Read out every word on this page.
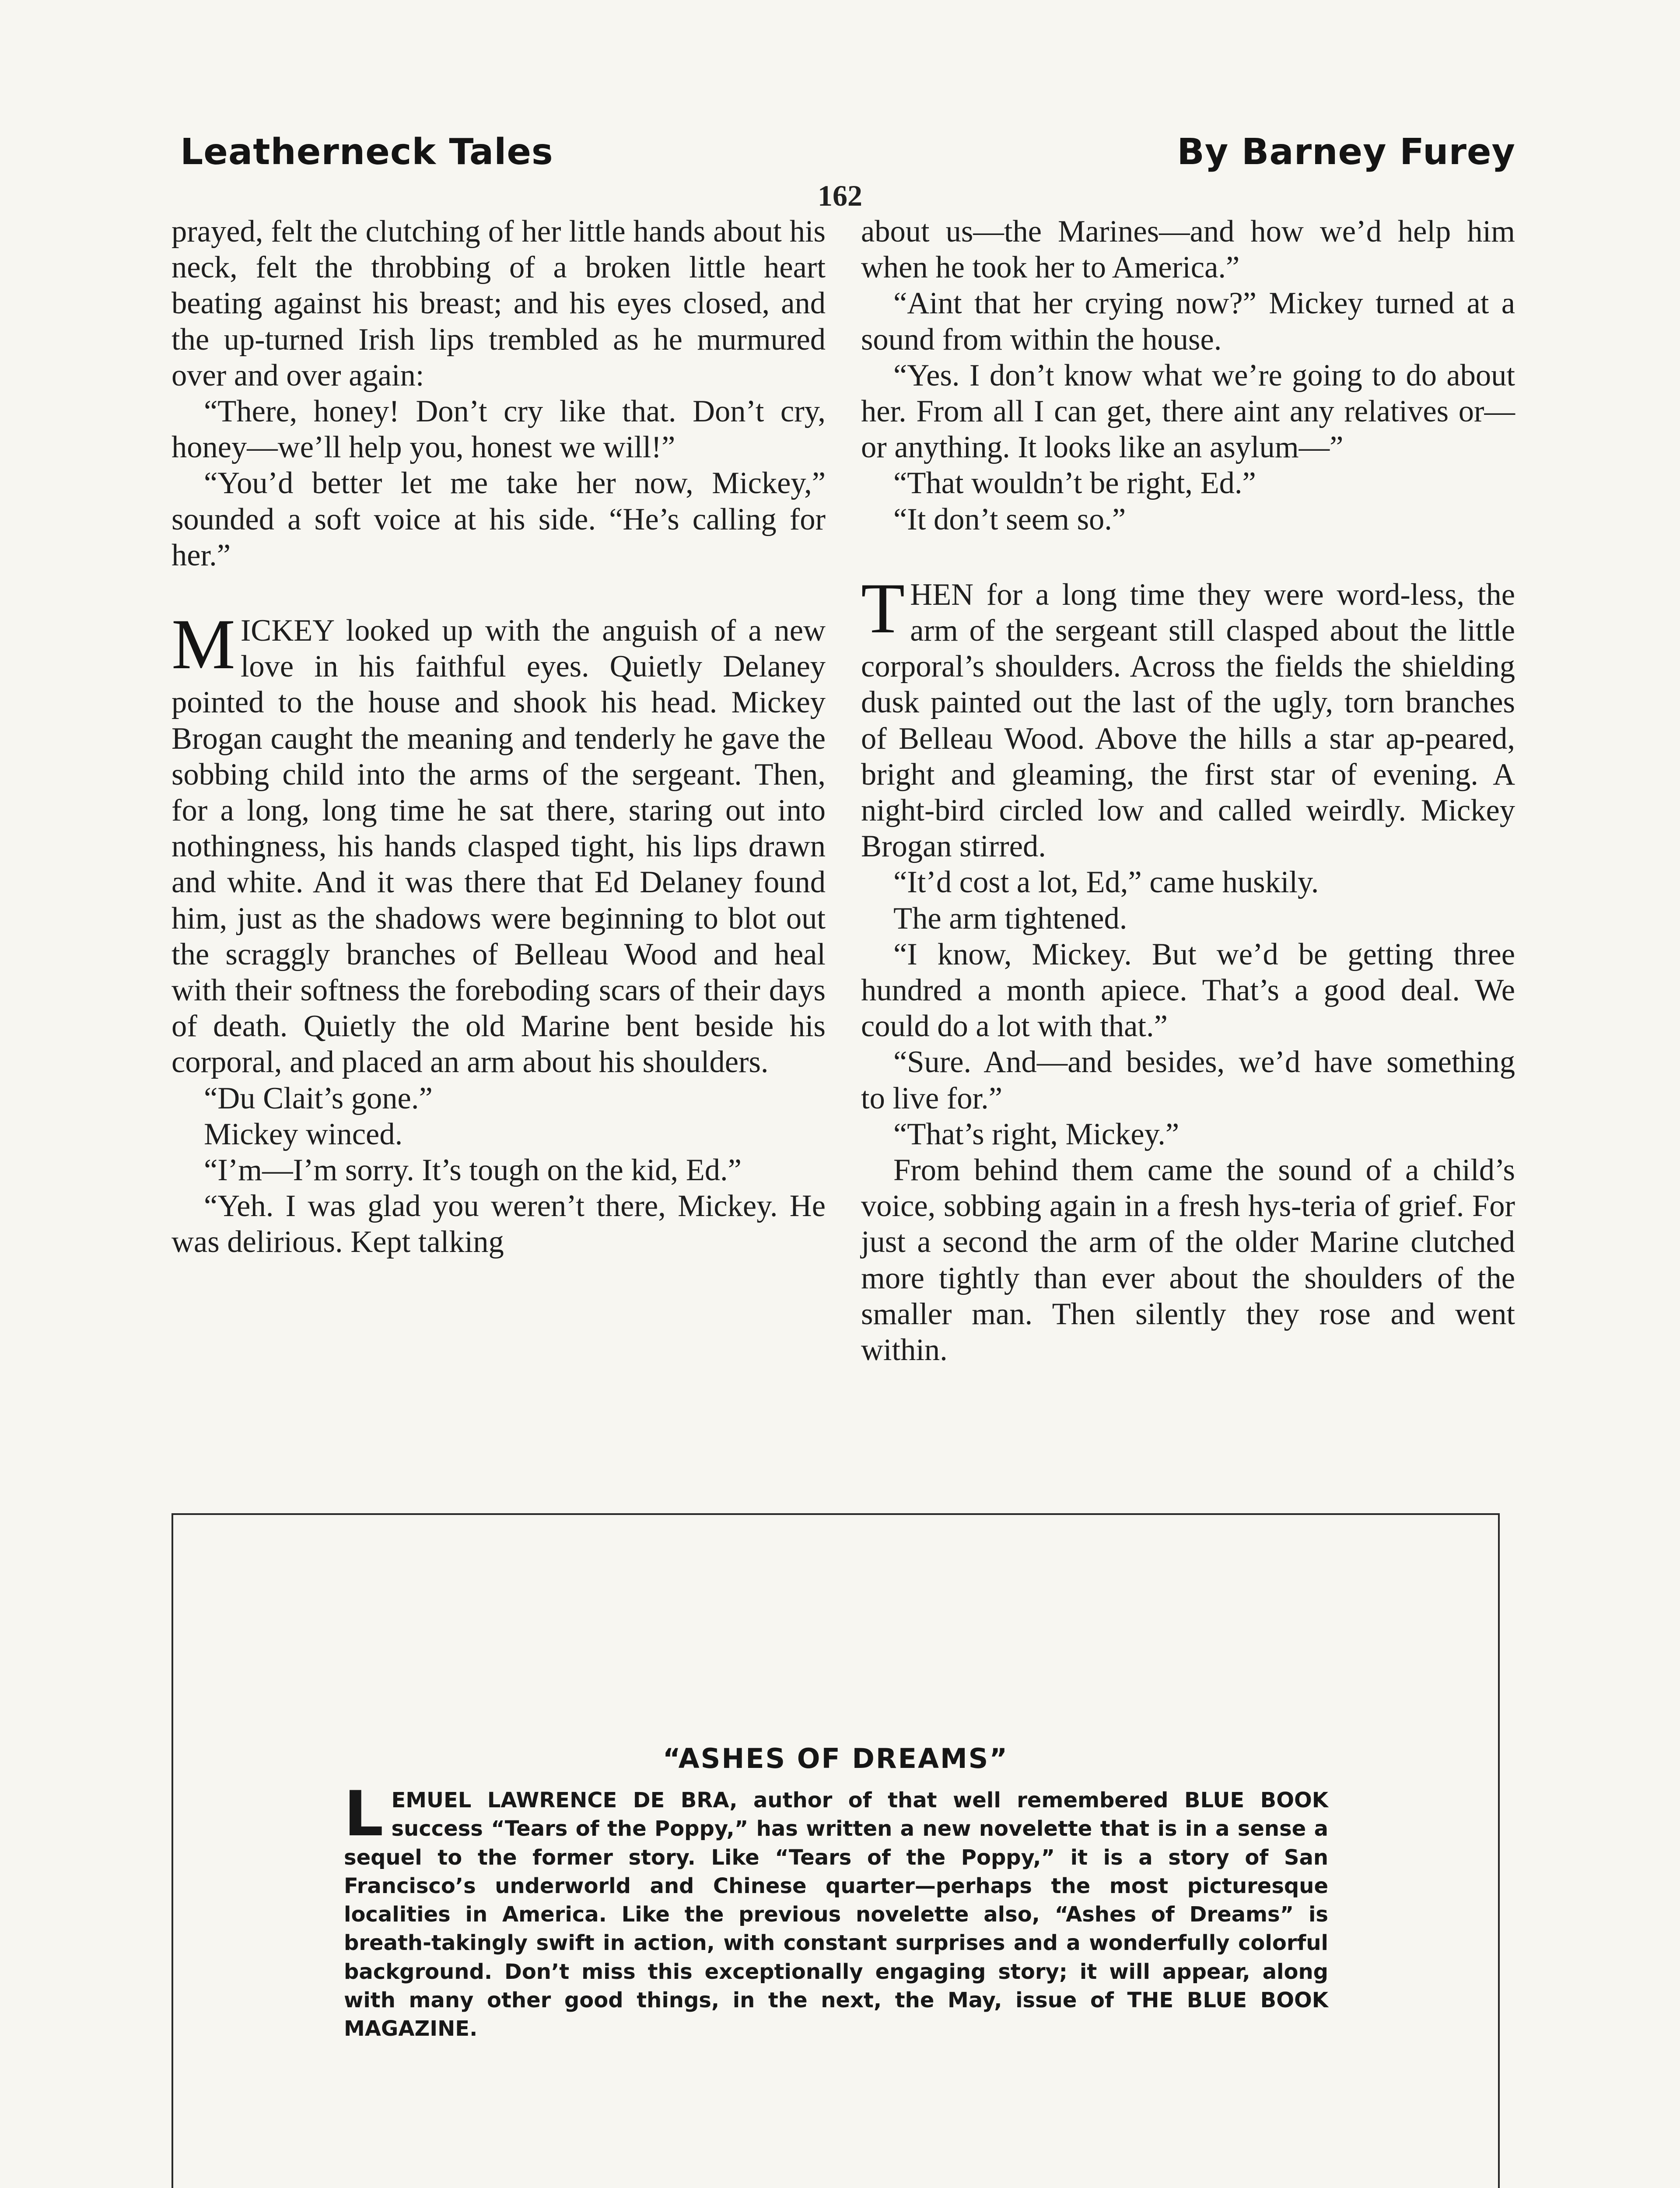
Leatherneck Tales	By Barney Furey
162

prayed, felt the clutching of her little hands about his neck, felt the throbbing of a broken little heart beating against his breast; and his eyes closed, and the up-turned Irish lips trembled as he murmured over and over again:

“There, honey! Don’t cry like that. Don’t cry, honey—we’ll help you, honest we will!”

“You’d better let me take her now, Mickey,” sounded a soft voice at his side. “He’s calling for her.”

MICKEY looked up with the anguish of a new love in his faithful eyes. Quietly Delaney pointed to the house and shook his head. Mickey Brogan caught the meaning and tenderly he gave the sobbing child into the arms of the sergeant. Then, for a long, long time he sat there, staring out into nothingness, his hands clasped tight, his lips drawn and white. And it was there that Ed Delaney found him, just as the shadows were beginning to blot out the scraggly branches of Belleau Wood and heal with their softness the foreboding scars of their days of death. Quietly the old Marine bent beside his corporal, and placed an arm about his shoulders.

“Du Clait’s gone.”

Mickey winced.

“I’m—I’m sorry. It’s tough on the kid, Ed.”

“Yeh. I was glad you weren’t there, Mickey. He was delirious. Kept talking

about us—the Marines—and how we’d help him when he took her to America.”

“Aint that her crying now?” Mickey turned at a sound from within the house.

“Yes. I don’t know what we’re going to do about her. From all I can get, there aint any relatives or—or anything. It looks like an asylum—”

“That wouldn’t be right, Ed.”

“It don’t seem so.”

THEN for a long time they were word-less, the arm of the sergeant still clasped about the little corporal’s shoulders. Across the fields the shielding dusk painted out the last of the ugly, torn branches of Belleau Wood. Above the hills a star ap-peared, bright and gleaming, the first star of evening. A night-bird circled low and called weirdly. Mickey Brogan stirred.

“It’d cost a lot, Ed,” came huskily.

The arm tightened.

“I know, Mickey. But we’d be getting three hundred a month apiece. That’s a good deal. We could do a lot with that.”

“Sure. And—and besides, we’d have something to live for.”

“That’s right, Mickey.”

From behind them came the sound of a child’s voice, sobbing again in a fresh hys-teria of grief. For just a second the arm of the older Marine clutched more tightly than ever about the shoulders of the smaller man. Then silently they rose and went within.

“ASHES OF DREAMS”
LEMUEL LAWRENCE DE BRA, author of that well remembered BLUE BOOK success “Tears of the Poppy,” has written a new novelette that is in a sense a sequel to the former story. Like “Tears of the Poppy,” it is a story of San Francisco’s underworld and Chinese quarter—perhaps the most picturesque localities in America. Like the previous novelette also, “Ashes of Dreams” is breath-takingly swift in action, with constant surprises and a wonderfully colorful background. Don’t miss this exceptionally engaging story; it will appear, along with many other good things, in the next, the May, issue of THE BLUE BOOK MAGAZINE.
